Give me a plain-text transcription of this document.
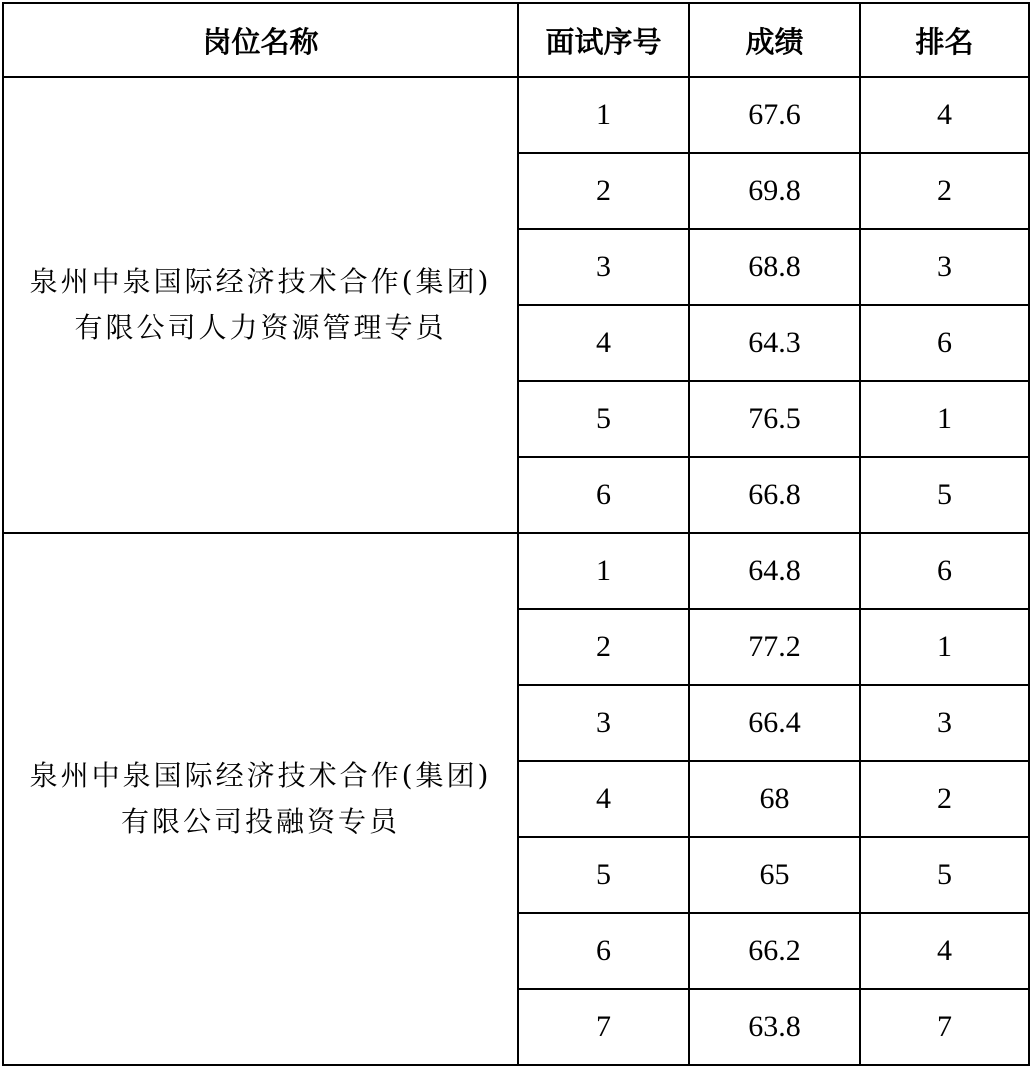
岗位名称	面试序号	成绩	排名

泉州中泉国际经济技术合作(集团)
有限公司人力资源管理专员	1	67.6	4
	2	69.8	2
	3	68.8	3
	4	64.3	6
	5	76.5	1
	6	66.8	5

泉州中泉国际经济技术合作(集团)
有限公司投融资专员	1	64.8	6
	2	77.2	1
	3	66.4	3
	4	68	2
	5	65	5
	6	66.2	4
	7	63.8	7
